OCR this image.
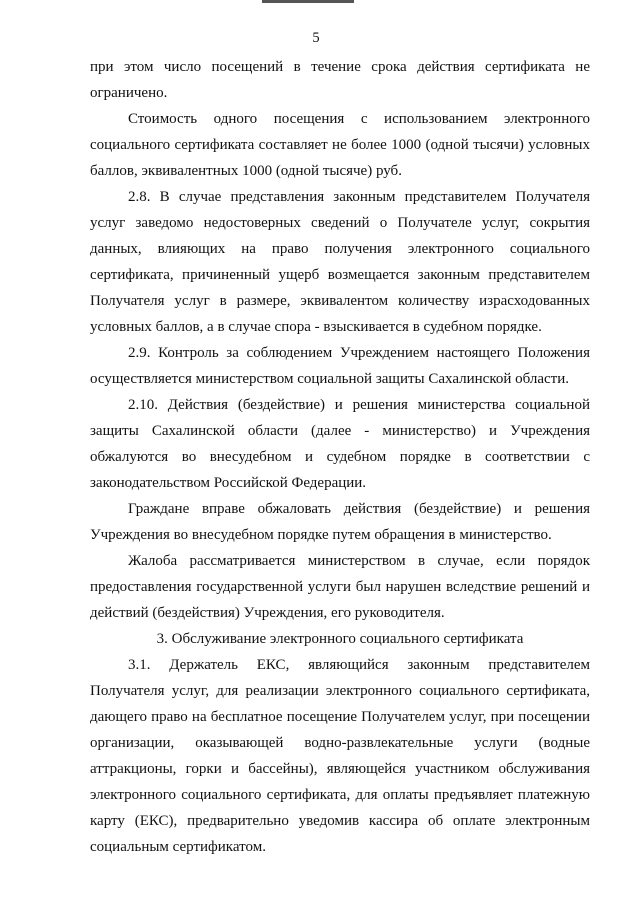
5

при этом число посещений в течение срока действия сертификата не ограничено.

Стоимость одного посещения с использованием электронного социального сертификата составляет не более 1000 (одной тысячи) условных баллов, эквивалентных 1000 (одной тысяче) руб.

2.8. В случае представления законным представителем Получателя услуг заведомо недостоверных сведений о Получателе услуг, сокрытия данных, влияющих на право получения электронного социального сертификата, причиненный ущерб возмещается законным представителем Получателя услуг в размере, эквивалентом количеству израсходованных условных баллов, а в случае спора - взыскивается в судебном порядке.

2.9. Контроль за соблюдением Учреждением настоящего Положения осуществляется министерством социальной защиты Сахалинской области.

2.10. Действия (бездействие) и решения министерства социальной защиты Сахалинской области (далее - министерство) и Учреждения обжалуются во внесудебном и судебном порядке в соответствии с законодательством Российской Федерации.

Граждане вправе обжаловать действия (бездействие) и решения Учреждения во внесудебном порядке путем обращения в министерство.

Жалоба рассматривается министерством в случае, если порядок предоставления государственной услуги был нарушен вследствие решений и действий (бездействия) Учреждения, его руководителя.

3. Обслуживание электронного социального сертификата

3.1. Держатель ЕКС, являющийся законным представителем Получателя услуг, для реализации электронного социального сертификата, дающего право на бесплатное посещение Получателем услуг, при посещении организации, оказывающей водно-развлекательные услуги (водные аттракционы, горки и бассейны), являющейся участником обслуживания электронного социального сертификата, для оплаты предъявляет платежную карту (ЕКС), предварительно уведомив кассира об оплате электронным социальным сертификатом.
